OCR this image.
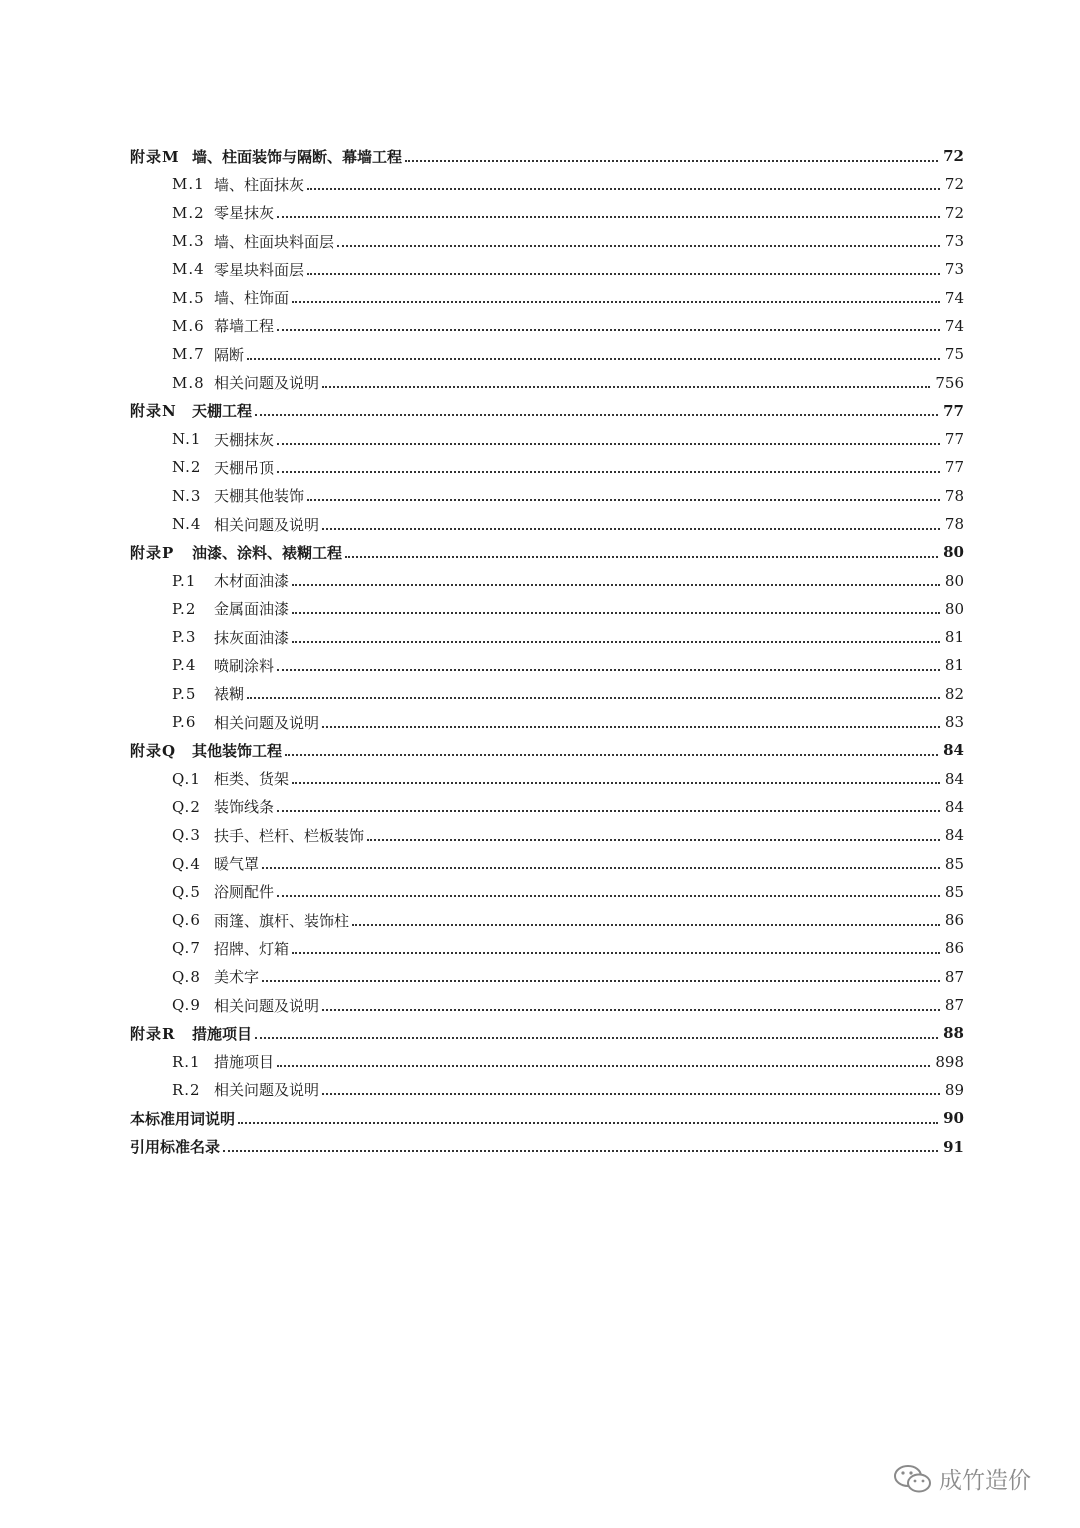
附录M 墙、柱面装饰与隔断、幕墙工程	72
M.1 墙、柱面抹灰	72
M.2 零星抹灰	72
M.3 墙、柱面块料面层	73
M.4 零星块料面层	73
M.5 墙、柱饰面	74
M.6 幕墙工程	74
M.7 隔断	75
M.8 相关问题及说明	756
附录N	天棚工程	77
N.1 天棚抹灰	77
N.2 天棚吊顶	77
N.3 天棚其他装饰	78
N.4 相关问题及说明	78
附录P	油漆、涂料、裱糊工程	80
P.1	木材面油漆	80
P.2	金属面油漆	80
P.3	抹灰面油漆	81
P.4	喷刷涂料	81
P.5	裱糊	82
P.6	相关问题及说明	83
附录Q	其他装饰工程	84
Q.1 柜类、货架	84
Q.2 装饰线条	84
Q.3 扶手、栏杆、栏板装饰	84
Q.4 暖气罩	85
Q.5 浴厕配件	85
Q.6 雨篷、旗杆、装饰柱	86
Q.7 招牌、灯箱	86
Q.8 美术字	87
Q.9 相关问题及说明	87
附录R	措施项目	88
R.1 措施项目	898
R.2 相关问题及说明	89
本标准用词说明	90
引用标准名录	91
成竹造价
